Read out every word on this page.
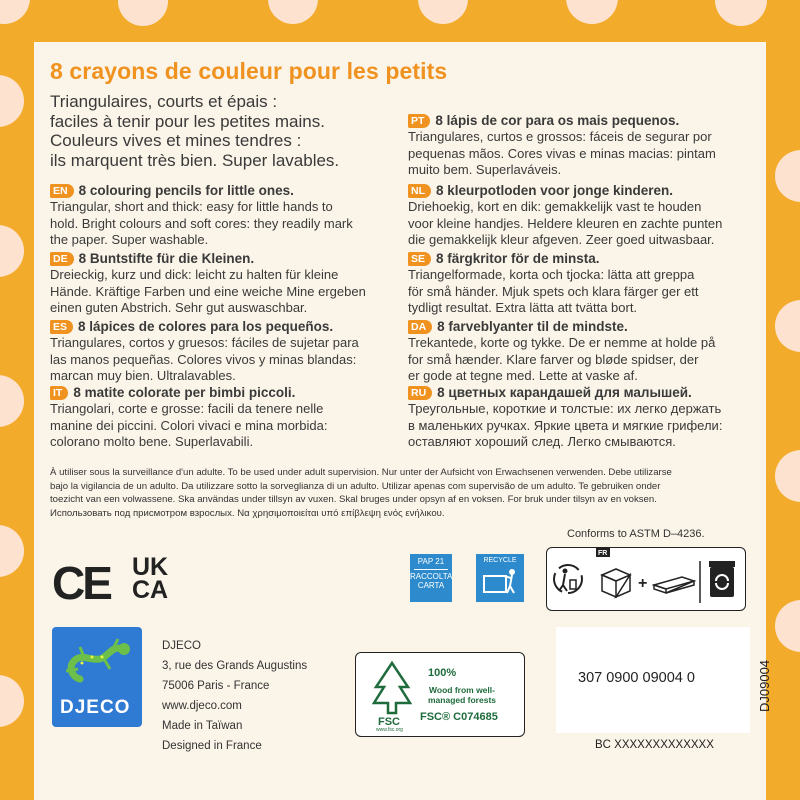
8 crayons de couleur pour les petits
Triangulaires, courts et épais :
faciles à tenir pour les petites mains.
Couleurs vives et mines tendres :
ils marquent très bien. Super lavables.
EN 8 colouring pencils for little ones.
Triangular, short and thick: easy for little hands to
hold. Bright colours and soft cores: they readily mark
the paper. Super washable.
DE 8 Buntstifte für die Kleinen.
Dreieckig, kurz und dick: leicht zu halten für kleine
Hände. Kräftige Farben und eine weiche Mine ergeben
einen guten Abstrich. Sehr gut auswaschbar.
ES 8 lápices de colores para los pequeños.
Triangulares, cortos y gruesos: fáciles de sujetar para
las manos pequeñas. Colores vivos y minas blandas:
marcan muy bien. Ultralavables.
IT 8 matite colorate per bimbi piccoli.
Triangolari, corte e grosse: facili da tenere nelle
manine dei piccini. Colori vivaci e mina morbida:
colorano molto bene. Superlavabili.
PT 8 lápis de cor para os mais pequenos.
Triangulares, curtos e grossos: fáceis de segurar por
pequenas mãos. Cores vivas e minas macias: pintam
muito bem. Superlaváveis.
NL 8 kleurpotloden voor jonge kinderen.
Driehoekig, kort en dik: gemakkelijk vast te houden
voor kleine handjes. Heldere kleuren en zachte punten
die gemakkelijk kleur afgeven. Zeer goed uitwasbaar.
SE 8 färgkritor för de minsta.
Triangelformade, korta och tjocka: lätta att greppa
för små händer. Mjuk spets och klara färger ger ett
tydligt resultat. Extra lätta att tvätta bort.
DA 8 farveblyanter til de mindste.
Trekantede, korte og tykke. De er nemme at holde på
for små hænder. Klare farver og bløde spidser, der
er gode at tegne med. Lette at vaske af.
RU 8 цветных карандашей для малышей.
Треугольные, короткие и толстые: их легко держать
в маленьких ручках. Яркие цвета и мягкие грифели:
оставляют хороший след. Легко смываются.
À utiliser sous la surveillance d'un adulte. To be used under adult supervision. Nur unter der Aufsicht von Erwachsenen verwenden. Debe utilizarse
bajo la vigilancia de un adulto. Da utilizzare sotto la sorveglianza di un adulto. Utilizar apenas com supervisão de um adulto. Te gebruiken onder
toezicht van een volwassene. Ska användas under tillsyn av vuxen. Skal bruges under opsyn af en voksen. For bruk under tilsyn av en voksen.
Использовать под присмотром взрослых. Να χρησιμοποιείται υπό επίβλεψη ενός ενήλικου.
Conforms to ASTM D–4236.
CE UK
CA
PAP 21
RACCOLTA
CARTA
RECYCLE
FR
+
DJECO
DJECO
3, rue des Grands Augustins
75006 Paris - France
www.djeco.com
Made in Taïwan
Designed in France
FSC
www.fsc.org
100%
Wood from well-
managed forests
FSC® C074685
307 0900 09004 0
BC XXXXXXXXXXXXX
DJ09004
